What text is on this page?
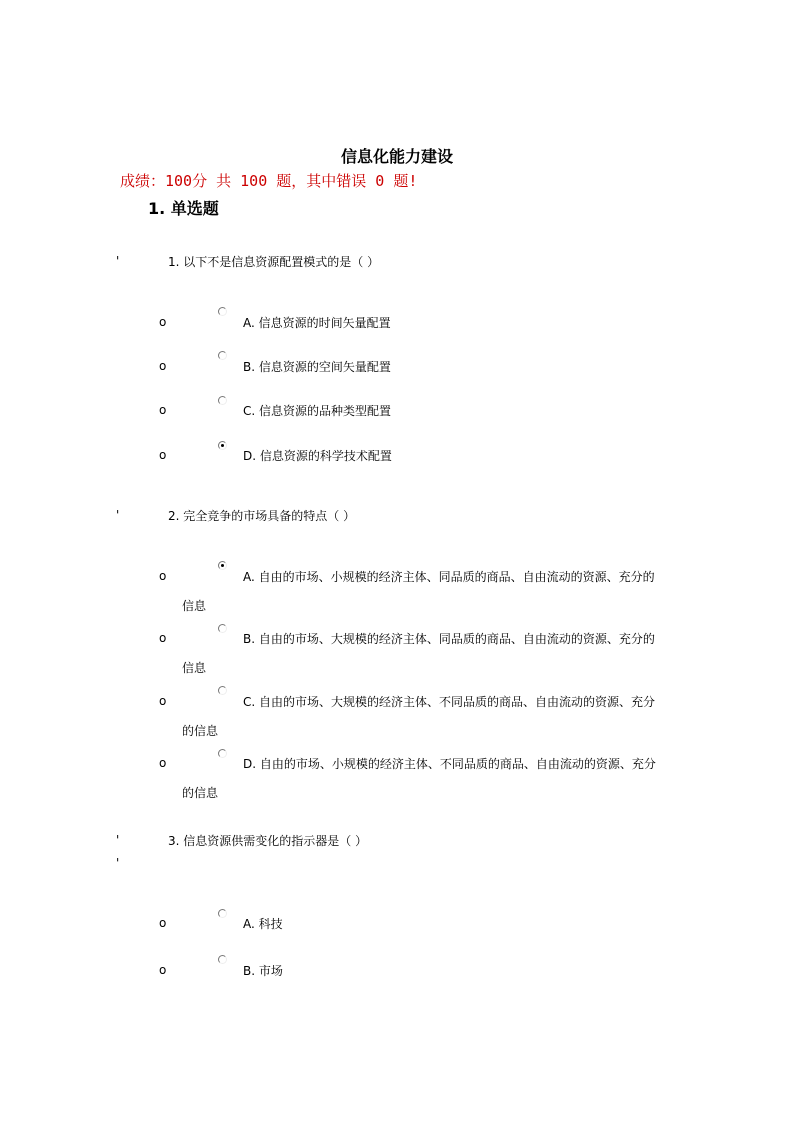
信息化能力建设
成绩：100分 共 100 题，其中错误 0 题!
1. 单选题
'	1. 以下不是信息资源配置模式的是（ ）
o	A. 信息资源的时间矢量配置
o	B. 信息资源的空间矢量配置
o	C. 信息资源的品种类型配置
o	D. 信息资源的科学技术配置
'	2. 完全竞争的市场具备的特点（ ）
o	A. 自由的市场、小规模的经济主体、同品质的商品、自由流动的资源、充分的
信息
o	B. 自由的市场、大规模的经济主体、同品质的商品、自由流动的资源、充分的
信息
o	C. 自由的市场、大规模的经济主体、不同品质的商品、自由流动的资源、充分
的信息
o	D. 自由的市场、小规模的经济主体、不同品质的商品、自由流动的资源、充分
的信息
'
'
3. 信息资源供需变化的指示器是（ ）
o	A. 科技
o	B. 市场
